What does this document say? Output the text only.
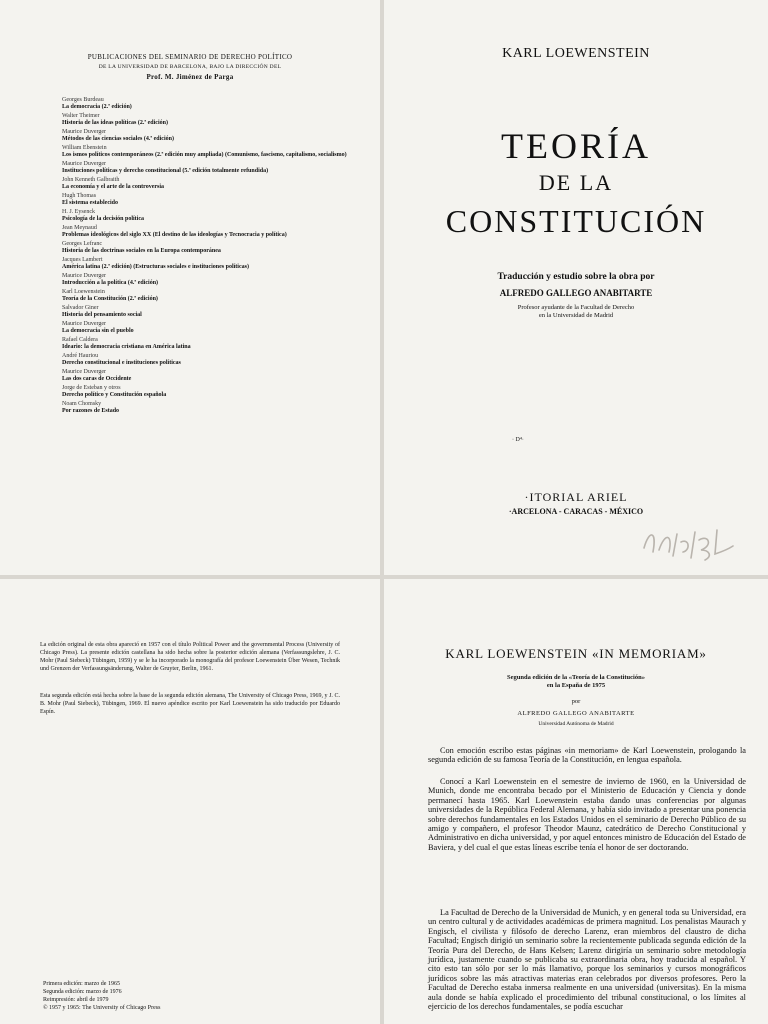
PUBLICACIONES DEL SEMINARIO DE DERECHO POLÍTICO
DE LA UNIVERSIDAD DE BARCELONA, BAJO LA DIRECCIÓN DEL
Prof. M. Jiménez de Parga
Georges Burdeau
La democracia (2.ª edición)
Walter Theimer
Historia de las ideas políticas (2.ª edición)
Maurice Duverger
Métodos de las ciencias sociales (4.ª edición)
William Ebenstein
Los ismos políticos contemporáneos (2.ª edición muy ampliada) (Comunismo, fascismo, capitalismo, socialismo)
Maurice Duverger
Instituciones políticas y derecho constitucional (5.ª edición totalmente refundida)
John Kenneth Galbraith
La economía y el arte de la controversia
Hugh Thomas
El sistema establecido
H. J. Eysenck
Psicología de la decisión política
Jean Meynaud
Problemas ideológicos del siglo XX (El destino de las ideologías y Tecnocracia y política)
Georges Lefranc
Historia de las doctrinas sociales en la Europa contemporánea
Jacques Lambert
América latina (2.ª edición) (Estructuras sociales e instituciones políticas)
Maurice Duverger
Introducción a la política (4.ª edición)
Karl Loewenstein
Teoría de la Constitución (2.ª edición)
Salvador Giner
Historia del pensamiento social
Maurice Duverger
La democracia sin el pueblo
Rafael Caldera
Ideario: la democracia cristiana en América latina
André Hauriou
Derecho constitucional e instituciones políticas
Maurice Duverger
Las dos caras de Occidente
Jorge de Esteban y otros
Derecho político y Constitución española
Noam Chomsky
Por razones de Estado
KARL LOEWENSTEIN
TEORÍA
DE LA
CONSTITUCIÓN
Traducción y estudio sobre la obra por
ALFREDO GALLEGO ANABITARTE
Profesor ayudante de la Facultad de Derecho
en la Universidad de Madrid
· D⁴·
·ITORIAL ARIEL
·ARCELONA - CARACAS - MÉXICO

La edición original de esta obra apareció en 1957 con el título Political Power and the governmental Process (University of Chicago Press). La presente edición castellana ha sido hecha sobre la posterior edición alemana (Verfassungslehre, J. C. Mohr (Paul Siebeck) Tübingen, 1959) y se le ha incorporado la monografía del profesor Loewenstein Über Wesen, Technik und Grenzen der Verfassungsänderung, Walter de Gruyter, Berlin, 1961.

Esta segunda edición está hecha sobre la base de la segunda edición alemana, The University of Chicago Press, 1969, y J. C. B. Mohr (Paul Siebeck), Tübingen, 1969. El nuevo apéndice escrito por Karl Loewenstein ha sido traducido por Eduardo Espín.

Primera edición: marzo de 1965
Segunda edición: marzo de 1976
Reimpresión: abril de 1979
© 1957 y 1965: The University of Chicago Press
KARL LOEWENSTEIN «IN MEMORIAM»
Segunda edición de la «Teoría de la Constitución»
en la España de 1975
por
ALFREDO GALLEGO ANABITARTE
Universidad Autónoma de Madrid

Con emoción escribo estas páginas «in memoriam» de Karl Loewenstein, prologando la segunda edición de su famosa Teoría de la Constitución, en lengua española.

Conocí a Karl Loewenstein en el semestre de invierno de 1960, en la Universidad de Munich, donde me encontraba becado por el Ministerio de Educación y Ciencia y donde permanecí hasta 1965. Karl Loewenstein estaba dando unas conferencias por algunas universidades de la República Federal Alemana, y había sido invitado a presentar una ponencia sobre derechos fundamentales en los Estados Unidos en el seminario de Derecho Público de su amigo y compañero, el profesor Theodor Maunz, catedrático de Derecho Constitucional y Administrativo en dicha universidad, y por aquel entonces ministro de Educación del Estado de Baviera, y del cual el que estas líneas escribe tenía el honor de ser doctorando.

La Facultad de Derecho de la Universidad de Munich, y en general toda su Universidad, era un centro cultural y de actividades académicas de primera magnitud. Los penalistas Maurach y Engisch, el civilista y filósofo de derecho Larenz, eran miembros del claustro de dicha Facultad; Engisch dirigió un seminario sobre la recientemente publicada segunda edición de la Teoría Pura del Derecho, de Hans Kelsen; Larenz dirigiría un seminario sobre metodología jurídica, justamente cuando se publicaba su extraordinaria obra, hoy traducida al español. Y cito esto tan sólo por ser lo más llamativo, porque los seminarios y cursos monográficos jurídicos sobre las más atractivas materias eran celebrados por diversos profesores. Pero la Facultad de Derecho estaba inmersa realmente en una universidad (universitas). En la misma aula donde se había explicado el procedimiento del tribunal constitucional, o los límites al ejercicio de los derechos fundamentales, se podía escuchar
